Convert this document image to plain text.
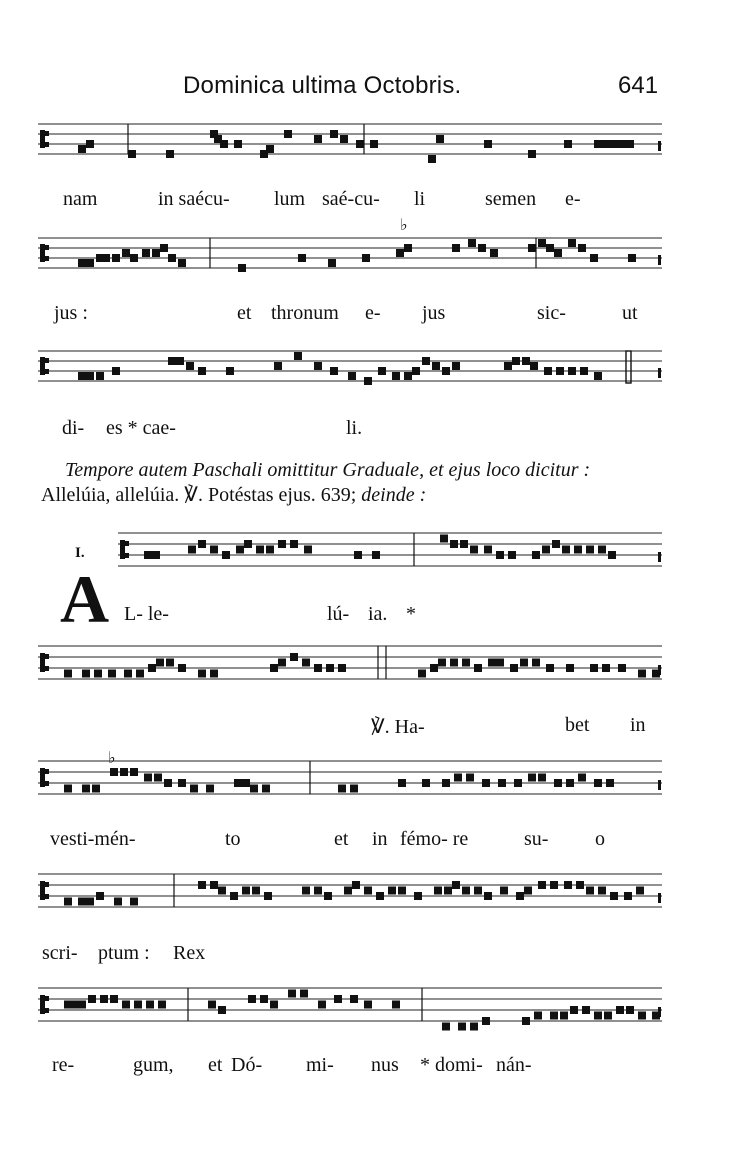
Dominica ultima Octobris.	641
♭
♭
nam	in saécu- lum saé-cu- li	semen e-
jus :	et thronum e- jus	sic-	ut
di- es * cae-	li.
Tempore autem Paschali omittitur Graduale, et ejus loco dicitur :
Allelúia, allelúia. ℣. Potéstas ejus. 639; deinde :
I.
A L- le-	lú- ia. *
℣. Ha-	bet in
vesti-mén-	to	et in fémo- re	su- o
scri- ptum : Rex
re-	gum, et Dó- mi- nus * domi- nán-
